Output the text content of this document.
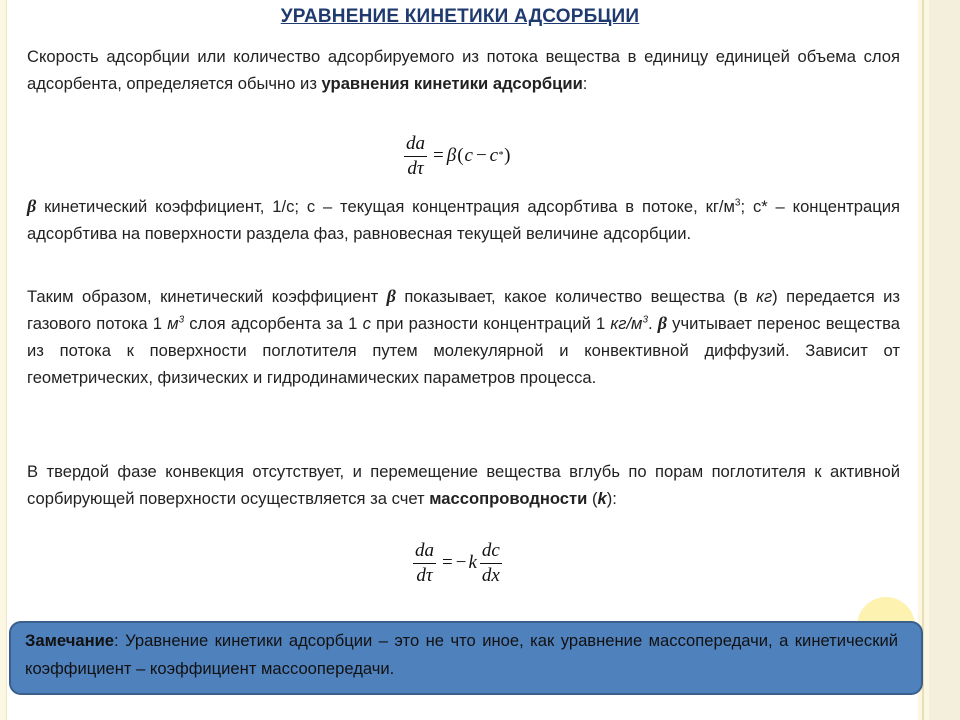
УРАВНЕНИЕ КИНЕТИКИ АДСОРБЦИИ

Скорость адсорбции или количество адсорбируемого из потока вещества в единицу единицей объема слоя адсорбента, определяется обычно из уравнения кинетики адсорбции:

$\frac{da}{d\tau} = \beta$ ( c − c * )

β кинетический коэффициент, 1/с; c – текущая концентрация адсорбтива в потоке, $кг/м^3$; c* – концентрация адсорбтива на поверхности раздела фаз, равновесная текущей величине адсорбции.

Таким образом, кинетический коэффициент β показывает, какое количество вещества (в кг) передается из газового потока 1 $м^3$ слоя адсорбента за 1 с при разности концентраций 1 $кг/м^3$. β учитывает перенос вещества из потока к поверхности поглотителя путем молекулярной и конвективной диффузий. Зависит от геометрических, физических и гидродинамических параметров процесса.

В твердой фазе конвекция отсутствует, и перемещение вещества вглубь по порам поглотителя к активной сорбирующей поверхности осуществляется за счет массопроводности (k):

$\frac{da}{d\tau}$ = − k $\frac{dc}{dx}$

Замечание: Уравнение кинетики адсорбции – это не что иное, как уравнение массопередачи, а кинетический коэффициент – коэффициент массоопередачи.
